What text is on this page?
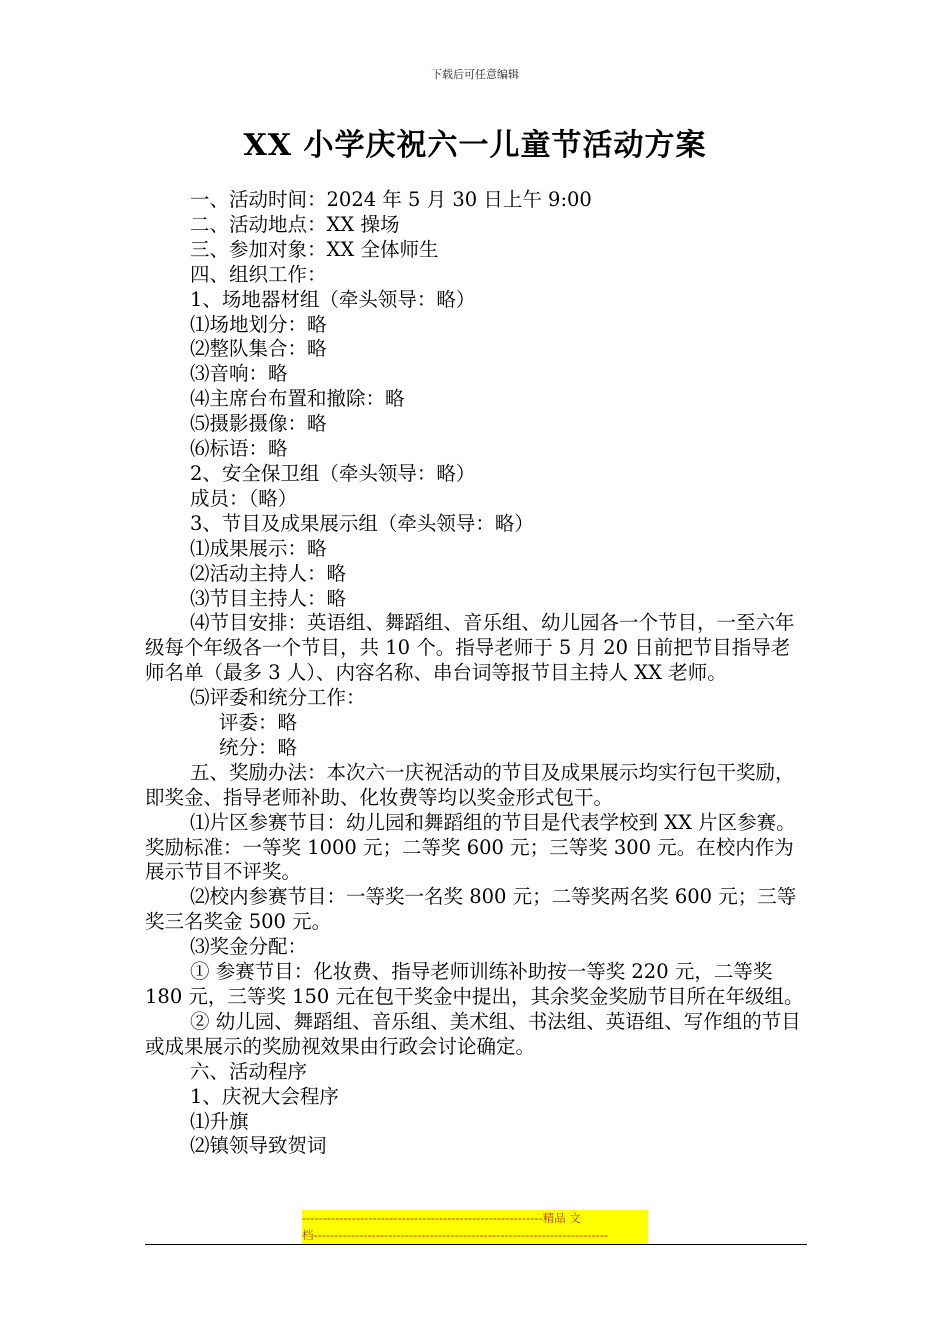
下载后可任意编辑
XX 小学庆祝六一儿童节活动方案

一、活动时间：2024 年 5 月 30 日上午 9:00

二、活动地点：XX 操场

三、参加对象：XX 全体师生

四、组织工作：

1、场地器材组（牵头领导：略）

⑴场地划分：略

⑵整队集合：略

⑶音响：略

⑷主席台布置和撤除：略

⑸摄影摄像：略

⑹标语：略

2、安全保卫组（牵头领导：略）

成员：（略）

3、节目及成果展示组（牵头领导：略）

⑴成果展示：略

⑵活动主持人：略

⑶节目主持人：略

⑷节目安排：英语组、舞蹈组、音乐组、幼儿园各一个节目，一至六年级每个年级各一个节目，共 10 个。指导老师于 5 月 20 日前把节目指导老师名单（最多 3 人）、内容名称、串台词等报节目主持人 XX 老师。

⑸评委和统分工作：

评委：略

统分：略

五、奖励办法：本次六一庆祝活动的节目及成果展示均实行包干奖励，即奖金、指导老师补助、化妆费等均以奖金形式包干。

⑴片区参赛节目：幼儿园和舞蹈组的节目是代表学校到 XX 片区参赛。奖励标准：一等奖 1000 元；二等奖 600 元；三等奖 300 元。在校内作为展示节目不评奖。

⑵校内参赛节目：一等奖一名奖 800 元；二等奖两名奖 600 元；三等奖三名奖金 500 元。

⑶奖金分配：

① 参赛节目：化妆费、指导老师训练补助按一等奖 220 元，二等奖 180 元，三等奖 150 元在包干奖金中提出，其余奖金奖励节目所在年级组。

② 幼儿园、舞蹈组、音乐组、美术组、书法组、英语组、写作组的节目或成果展示的奖励视效果由行政会讨论确定。

六、活动程序

1、庆祝大会程序

⑴升旗

⑵镇领导致贺词

----------------------------------------------------------精品 文
档-----------------------------------------------------------------------
